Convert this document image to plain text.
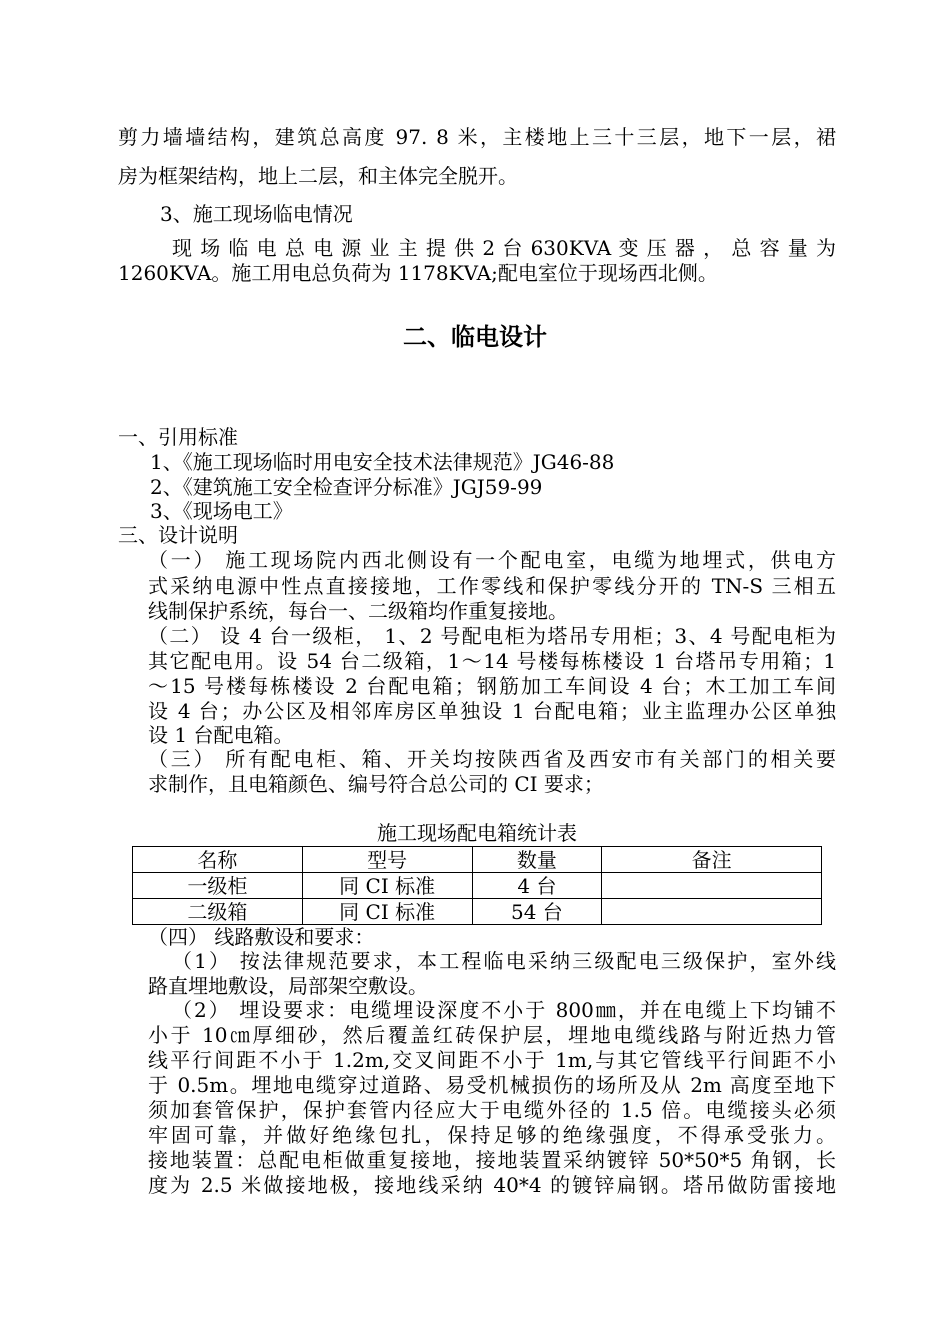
剪力墙墙结构，建筑总高度 97. 8 米，主楼地上三十三层，地下一层，裙
房为框架结构，地上二层，和主体完全脱开。
3、施工现场临电情况
现 场 临 电 总 电 源 业 主 提 供 2 台 630KVA 变 压 器 ， 总 容 量 为
1260KVA。施工用电总负荷为 1178KVA;配电室位于现场西北侧。
二、临电设计
一、引用标准
1、《施工现场临时用电安全技术法律规范》JG46-88
2、《建筑施工安全检查评分标准》JGJ59-99
3、《现场电工》
三、设计说明
（一） 施工现场院内西北侧设有一个配电室，电缆为地埋式，供电方
式采纳电源中性点直接接地，工作零线和保护零线分开的 TN-S 三相五
线制保护系统，每台一、二级箱均作重复接地。
（二） 设 4 台一级柜， 1、2 号配电柜为塔吊专用柜；3、4 号配电柜为
其它配电用。设 54 台二级箱，1～14 号楼每栋楼设 1 台塔吊专用箱；1
～15 号楼每栋楼设 2 台配电箱；钢筋加工车间设 4 台；木工加工车间
设 4 台；办公区及相邻库房区单独设 1 台配电箱；业主监理办公区单独
设 1 台配电箱。
（三） 所有配电柜、箱、开关均按陕西省及西安市有关部门的相关要
求制作，且电箱颜色、编号符合总公司的 CI 要求；
施工现场配电箱统计表
名称	型号	数量	备注
一级柜	同 CI 标准	4 台	
二级箱	同 CI 标准	54 台	
（四） 线路敷设和要求：
（1） 按法律规范要求，本工程临电采纳三级配电三级保护，室外线
路直埋地敷设，局部架空敷设。
（2） 埋设要求：电缆埋设深度不小于 800㎜，并在电缆上下均铺不
小于 10㎝厚细砂，然后覆盖红砖保护层，埋地电缆线路与附近热力管
线平行间距不小于 1.2m,交叉间距不小于 1m,与其它管线平行间距不小
于 0.5m。埋地电缆穿过道路、易受机械损伤的场所及从 2m 高度至地下
须加套管保护，保护套管内径应大于电缆外径的 1.5 倍。电缆接头必须
牢固可靠，并做好绝缘包扎，保持足够的绝缘强度，不得承受张力。
接地装置：总配电柜做重复接地，接地装置采纳镀锌 50*50*5 角钢，长
度为 2.5 米做接地极，接地线采纳 40*4 的镀锌扁钢。塔吊做防雷接地
